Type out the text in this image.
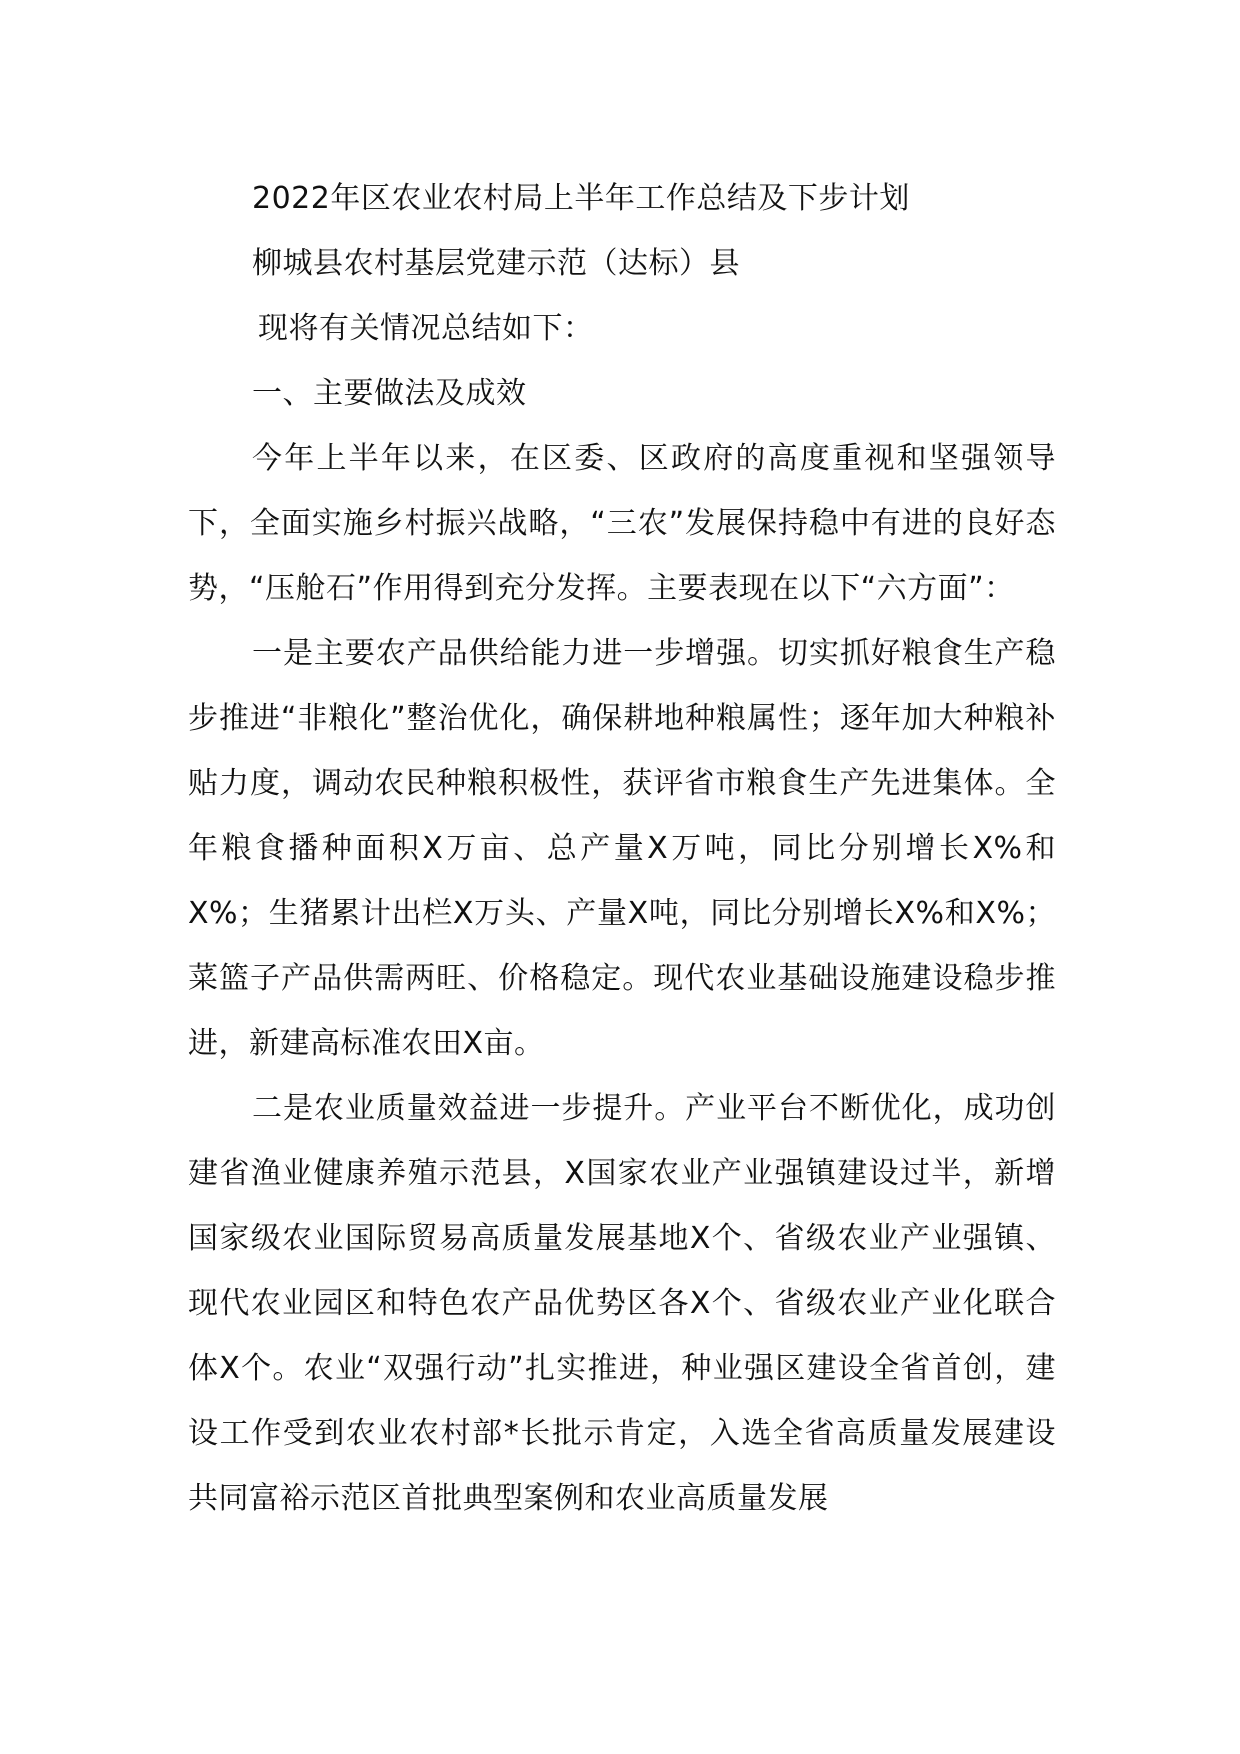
2022年区农业农村局上半年工作总结及下步计划

柳城县农村基层党建示范（达标）县

现将有关情况总结如下：

一、主要做法及成效

今年上半年以来，在区委、区政府的高度重视和坚强领导下，全面实施乡村振兴战略，“三农”发展保持稳中有进的良好态势，“压舱石”作用得到充分发挥。主要表现在以下“六方面”：

一是主要农产品供给能力进一步增强。切实抓好粮食生产稳步推进“非粮化”整治优化，确保耕地种粮属性；逐年加大种粮补贴力度，调动农民种粮积极性，获评省市粮食生产先进集体。全年粮食播种面积X万亩、总产量X万吨，同比分别增长X%和X%；生猪累计出栏X万头、产量X吨，同比分别增长X%和X%；菜篮子产品供需两旺、价格稳定。现代农业基础设施建设稳步推进，新建高标准农田X亩。

二是农业质量效益进一步提升。产业平台不断优化，成功创建省渔业健康养殖示范县，X国家农业产业强镇建设过半，新增国家级农业国际贸易高质量发展基地X个、省级农业产业强镇、现代农业园区和特色农产品优势区各X个、省级农业产业化联合体X个。农业“双强行动”扎实推进，种业强区建设全省首创，建设工作受到农业农村部*长批示肯定，入选全省高质量发展建设共同富裕示范区首批典型案例和农业高质量发展
